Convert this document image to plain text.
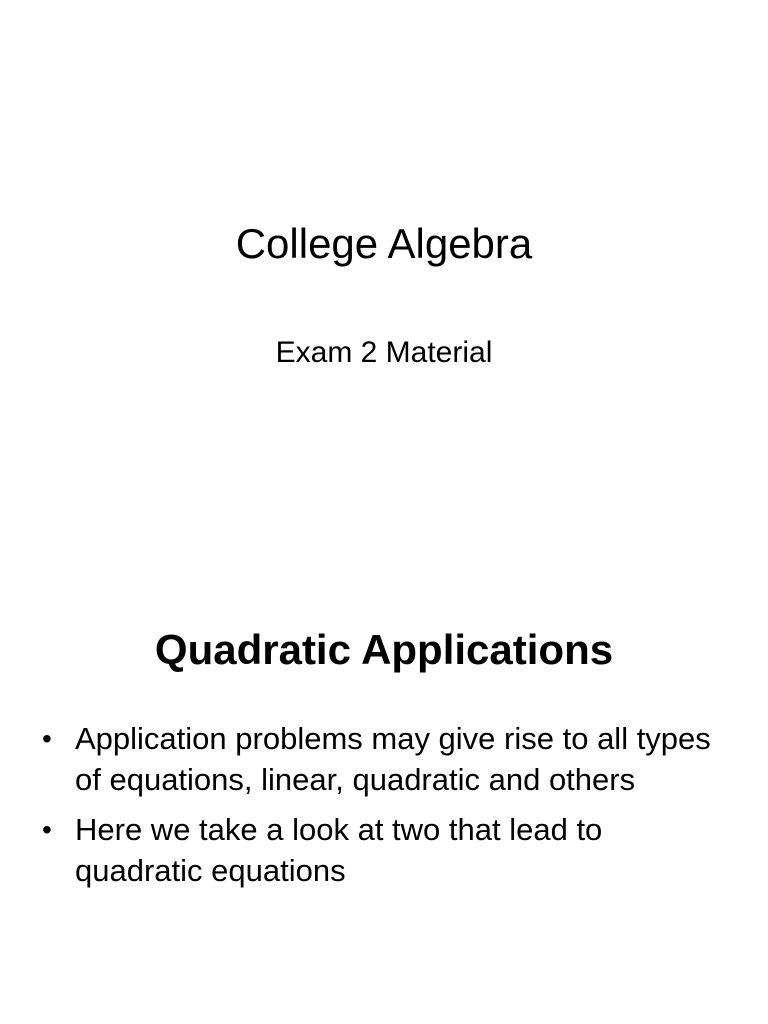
College Algebra
Exam 2 Material
Quadratic Applications
• Application problems may give rise to all types of equations, linear, quadratic and others
• Here we take a look at two that lead to quadratic equations
